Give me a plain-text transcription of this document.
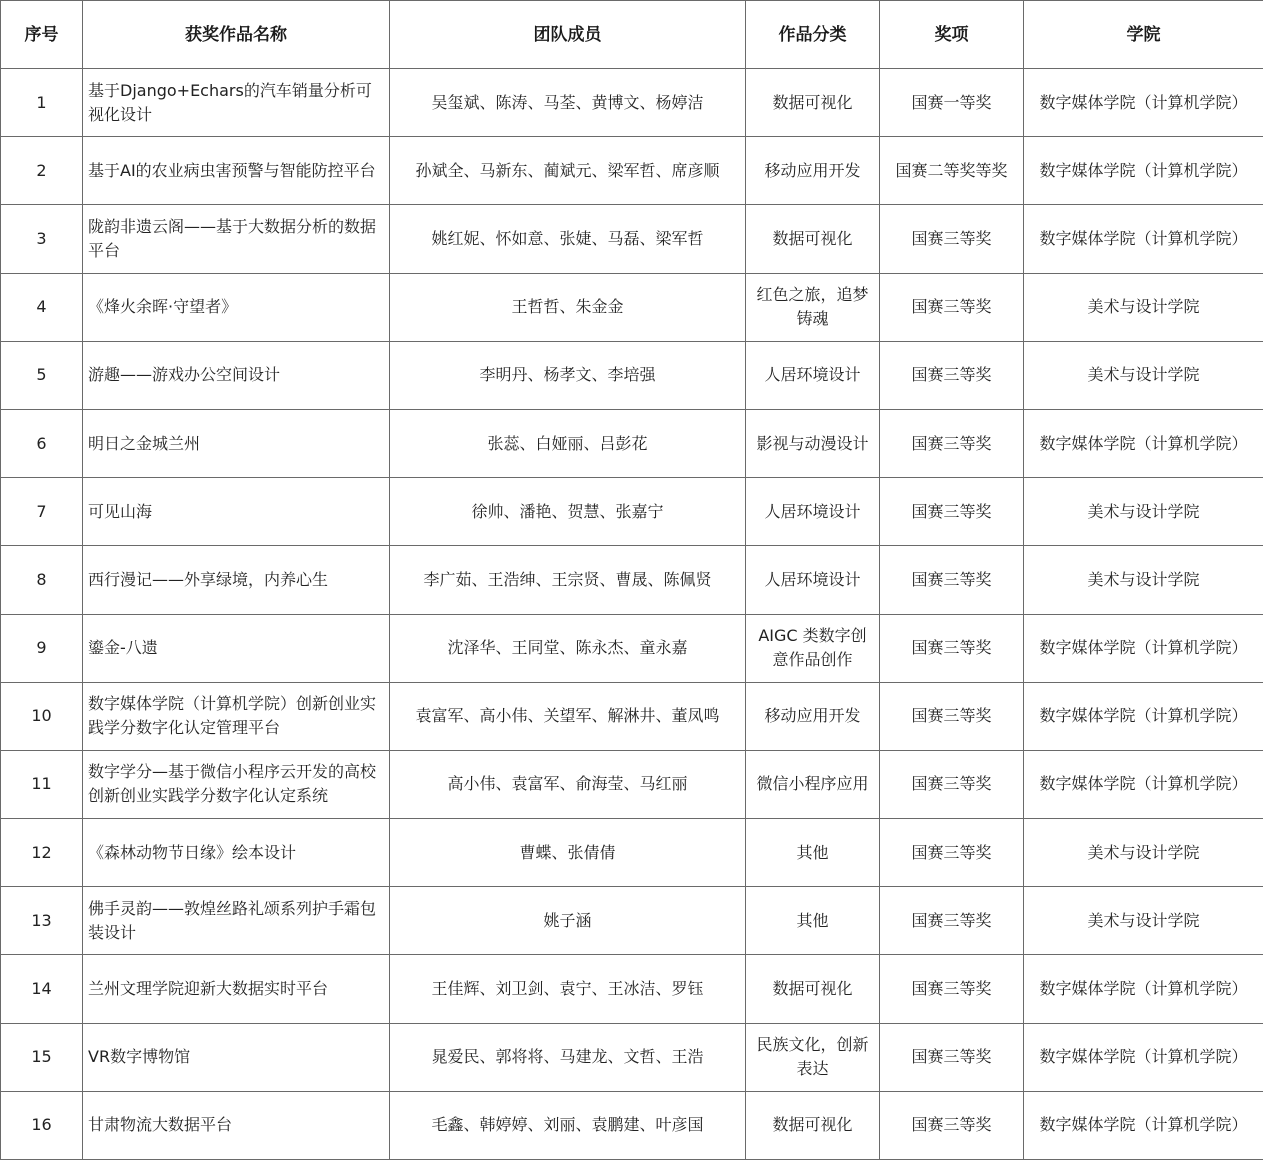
序号	获奖作品名称	团队成员	作品分类	奖项	学院
1	基于Django+Echars的汽车销量分析可视化设计	吴玺斌、陈涛、马荃、黄博文、杨婷洁	数据可视化	国赛一等奖	数字媒体学院（计算机学院）
2	基于AI的农业病虫害预警与智能防控平台	孙斌全、马新东、蔺斌元、梁军哲、席彦顺	移动应用开发	国赛二等奖等奖	数字媒体学院（计算机学院）
3	陇韵非遗云阁——基于大数据分析的数据平台	姚红妮、怀如意、张婕、马磊、梁军哲	数据可视化	国赛三等奖	数字媒体学院（计算机学院）
4	《烽火余晖·守望者》	王哲哲、朱金金	红色之旅，追梦铸魂	国赛三等奖	美术与设计学院
5	游趣——游戏办公空间设计	李明丹、杨孝文、李培强	人居环境设计	国赛三等奖	美术与设计学院
6	明日之金城兰州	张蕊、白娅丽、吕彭花	影视与动漫设计	国赛三等奖	数字媒体学院（计算机学院）
7	可见山海	徐帅、潘艳、贺慧、张嘉宁	人居环境设计	国赛三等奖	美术与设计学院
8	西行漫记——外享绿境，内养心生	李广茹、王浩绅、王宗贤、曹晟、陈佩贤	人居环境设计	国赛三等奖	美术与设计学院
9	鎏金-八遗	沈泽华、王同堂、陈永杰、童永嘉	AIGC 类数字创意作品创作	国赛三等奖	数字媒体学院（计算机学院）
10	数字媒体学院（计算机学院）创新创业实践学分数字化认定管理平台	袁富军、高小伟、关望军、解淋井、董凤鸣	移动应用开发	国赛三等奖	数字媒体学院（计算机学院）
11	数字学分—基于微信小程序云开发的高校创新创业实践学分数字化认定系统	高小伟、袁富军、俞海莹、马红丽	微信小程序应用	国赛三等奖	数字媒体学院（计算机学院）
12	《森林动物节日缘》绘本设计	曹蝶、张倩倩	其他	国赛三等奖	美术与设计学院
13	佛手灵韵——敦煌丝路礼颂系列护手霜包装设计	姚子涵	其他	国赛三等奖	美术与设计学院
14	兰州文理学院迎新大数据实时平台	王佳辉、刘卫剑、袁宁、王冰洁、罗钰	数据可视化	国赛三等奖	数字媒体学院（计算机学院）
15	VR数字博物馆	晁爱民、郭将将、马建龙、文哲、王浩	民族文化，创新表达	国赛三等奖	数字媒体学院（计算机学院）
16	甘肃物流大数据平台	毛鑫、韩婷婷、刘丽、袁鹏建、叶彦国	数据可视化	国赛三等奖	数字媒体学院（计算机学院）
